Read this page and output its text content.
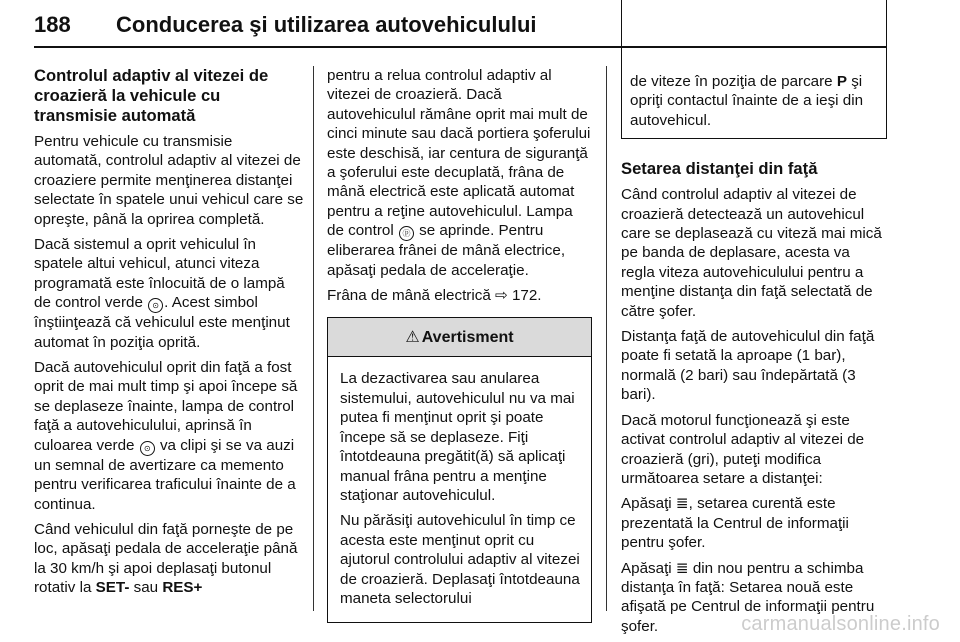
188 Conducerea şi utilizarea autovehiculului
Controlul adaptiv al vitezei de croazieră la vehicule cu transmisie automată

Pentru vehicule cu transmisie automată, controlul adaptiv al vitezei de croaziere permite menţinerea distanţei selectate în spatele unui vehicul care se opreşte, până la oprirea completă.

Dacă sistemul a oprit vehiculul în spatele altui vehicul, atunci viteza programată este înlocuită de o lampă de control verde ⊙ . Acest simbol înştiinţează că vehiculul este menţinut automat în poziţia oprită.

Dacă autovehiculul oprit din faţă a fost oprit de mai mult timp şi apoi începe să se deplaseze înainte, lampa de control faţă a autovehiculului, aprinsă în culoarea verde ⊙ va clipi şi se va auzi un semnal de avertizare ca memento pentru verificarea traficului înainte de a continua.

Când vehiculul din faţă porneşte de pe loc, apăsaţi pedala de acceleraţie până la 30 km/h şi apoi deplasaţi butonul rotativ la SET- sau RES+

pentru a relua controlul adaptiv al vitezei de croazieră. Dacă autovehiculul rămâne oprit mai mult de cinci minute sau dacă portiera şoferului este deschisă, iar centura de siguranţă a şoferului este decuplată, frâna de mână electrică este aplicată automat pentru a reţine autovehiculul. Lampa de control ⓟ se aprinde. Pentru eliberarea frânei de mână electrice, apăsaţi pedala de acceleraţie.

Frâna de mână electrică ⇨ 172.

⚠ Avertisment

La dezactivarea sau anularea sistemului, autovehiculul nu va mai putea fi menţinut oprit şi poate începe să se deplaseze. Fiţi întotdeauna pregătit(ă) să aplicaţi manual frâna pentru a menţine staţionar autovehiculul.

Nu părăsiţi autovehiculul în timp ce acesta este menţinut oprit cu ajutorul controlului adaptiv al vitezei de croazieră. Deplasaţi întotdeauna maneta selectorului

de viteze în poziţia de parcare P şi opriţi contactul înainte de a ieşi din autovehicul.
Setarea distanţei din faţă

Când controlul adaptiv al vitezei de croazieră detectează un autovehicul care se deplasează cu viteză mai mică pe banda de deplasare, acesta va regla viteza autovehiculului pentru a menţine distanţa din faţă selectată de către şofer.

Distanţa faţă de autovehiculul din faţă poate fi setată la aproape (1 bar), normală (2 bari) sau îndepărtată (3 bari).

Dacă motorul funcţionează şi este activat controlul adaptiv al vitezei de croazieră (gri), puteţi modifica următoarea setare a distanţei:

Apăsaţi ≣, setarea curentă este prezentată la Centrul de informaţii pentru şofer.

Apăsaţi ≣ din nou pentru a schimba distanţa în faţă: Setarea nouă este afişată pe Centrul de informaţii pentru şofer.	carmanualsonline.info
